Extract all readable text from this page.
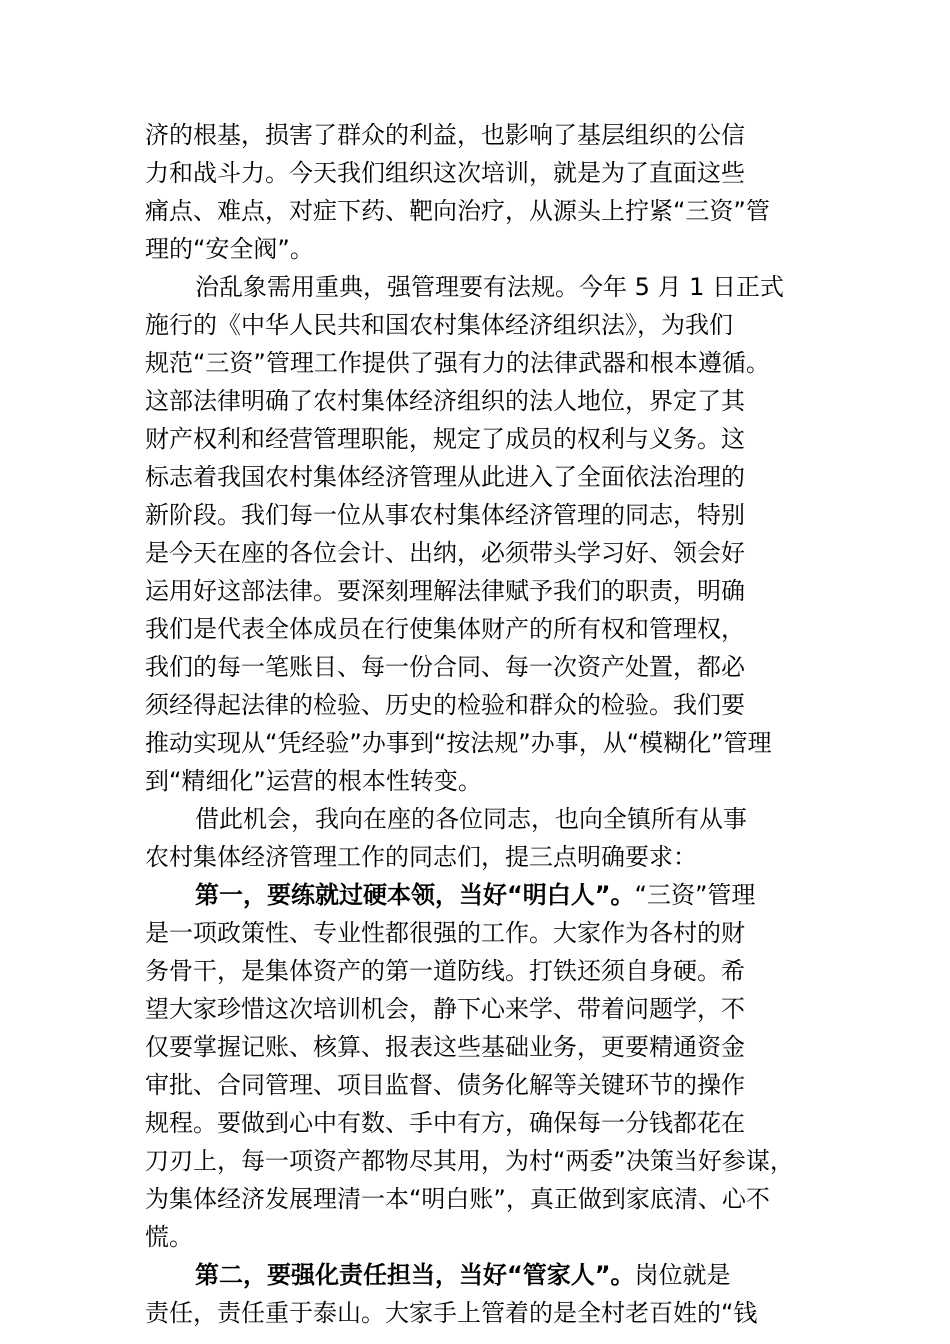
济的根基，损害了群众的利益，也影响了基层组织的公信
力和战斗力。今天我们组织这次培训，就是为了直面这些
痛点、难点，对症下药、靶向治疗，从源头上拧紧“三资”管
理的“安全阀”。
治乱象需用重典，强管理要有法规。今年 5 月 1 日正式
施行的《中华人民共和国农村集体经济组织法》，为我们
规范“三资”管理工作提供了强有力的法律武器和根本遵循。
这部法律明确了农村集体经济组织的法人地位，界定了其
财产权利和经营管理职能，规定了成员的权利与义务。这
标志着我国农村集体经济管理从此进入了全面依法治理的
新阶段。我们每一位从事农村集体经济管理的同志，特别
是今天在座的各位会计、出纳，必须带头学习好、领会好
运用好这部法律。要深刻理解法律赋予我们的职责，明确
我们是代表全体成员在行使集体财产的所有权和管理权，
我们的每一笔账目、每一份合同、每一次资产处置，都必
须经得起法律的检验、历史的检验和群众的检验。我们要
推动实现从“凭经验”办事到“按法规”办事，从“模糊化”管理
到“精细化”运营的根本性转变。
借此机会，我向在座的各位同志，也向全镇所有从事
农村集体经济管理工作的同志们，提三点明确要求：
第一，要练就过硬本领，当好“明白人”。“三资”管理
是一项政策性、专业性都很强的工作。大家作为各村的财
务骨干，是集体资产的第一道防线。打铁还须自身硬。希
望大家珍惜这次培训机会，静下心来学、带着问题学，不
仅要掌握记账、核算、报表这些基础业务，更要精通资金
审批、合同管理、项目监督、债务化解等关键环节的操作
规程。要做到心中有数、手中有方，确保每一分钱都花在
刀刃上，每一项资产都物尽其用，为村“两委”决策当好参谋，
为集体经济发展理清一本“明白账”，真正做到家底清、心不
慌。
第二，要强化责任担当，当好“管家人”。岗位就是
责任，责任重于泰山。大家手上管着的是全村老百姓的“钱
